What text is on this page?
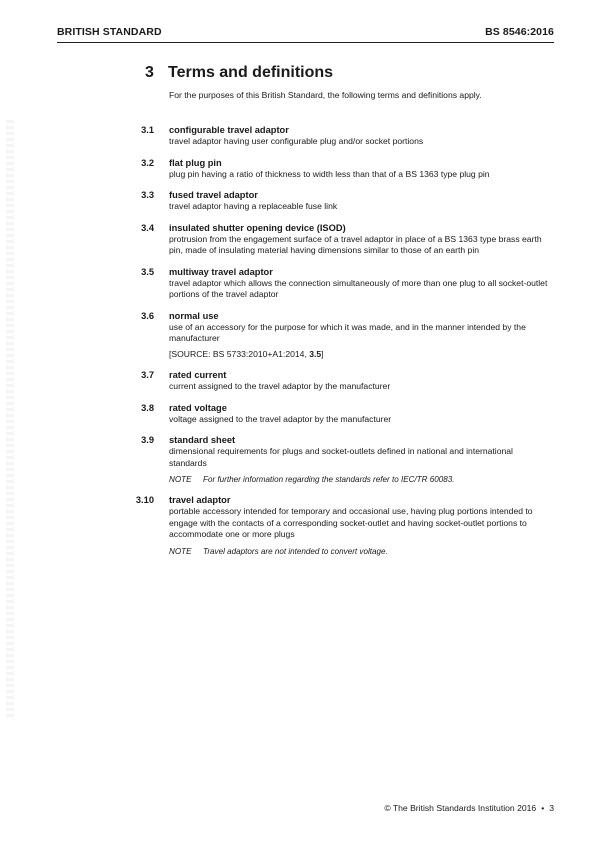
BRITISH STANDARD	BS 8546:2016
3 Terms and definitions
For the purposes of this British Standard, the following terms and definitions apply.
3.1 configurable travel adaptor
travel adaptor having user configurable plug and/or socket portions
3.2 flat plug pin
plug pin having a ratio of thickness to width less than that of a BS 1363 type plug pin
3.3 fused travel adaptor
travel adaptor having a replaceable fuse link
3.4 insulated shutter opening device (ISOD)
protrusion from the engagement surface of a travel adaptor in place of a BS 1363 type brass earth pin, made of insulating material having dimensions similar to those of an earth pin
3.5 multiway travel adaptor
travel adaptor which allows the connection simultaneously of more than one plug to all socket-outlet portions of the travel adaptor
3.6 normal use
use of an accessory for the purpose for which it was made, and in the manner intended by the manufacturer
[SOURCE: BS 5733:2010+A1:2014, 3.5]
3.7 rated current
current assigned to the travel adaptor by the manufacturer
3.8 rated voltage
voltage assigned to the travel adaptor by the manufacturer
3.9 standard sheet
dimensional requirements for plugs and socket-outlets defined in national and international standards
NOTE For further information regarding the standards refer to IEC/TR 60083.
3.10 travel adaptor
portable accessory intended for temporary and occasional use, having plug portions intended to engage with the contacts of a corresponding socket-outlet and having socket-outlet portions to accommodate one or more plugs
NOTE Travel adaptors are not intended to convert voltage.
© The British Standards Institution 2016 • 3
